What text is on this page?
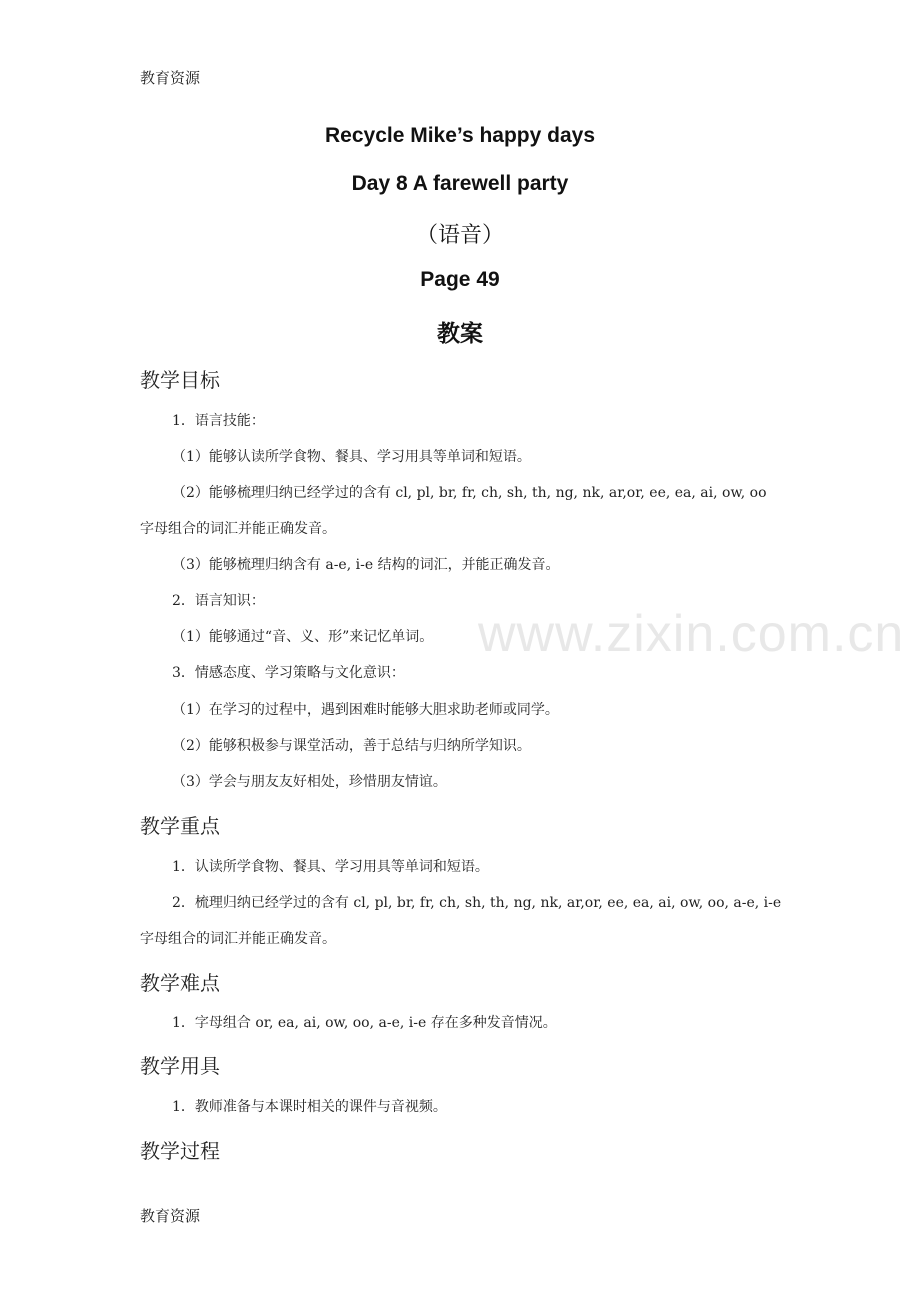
教育资源
Recycle Mike’s happy days
Day 8 A farewell party
（语音）
Page 49
教案
www.zixin.com.cn
教学目标
1．语言技能：
（1）能够认读所学食物、餐具、学习用具等单词和短语。
（2）能够梳理归纳已经学过的含有 cl, pl, br, fr, ch, sh, th, ng, nk, ar,or, ee, ea, ai, ow, oo
字母组合的词汇并能正确发音。
（3）能够梳理归纳含有 a-e, i-e 结构的词汇，并能正确发音。
2．语言知识：
（1）能够通过“音、义、形”来记忆单词。
3．情感态度、学习策略与文化意识：
（1）在学习的过程中，遇到困难时能够大胆求助老师或同学。
（2）能够积极参与课堂活动，善于总结与归纳所学知识。
（3）学会与朋友友好相处，珍惜朋友情谊。
教学重点
1．认读所学食物、餐具、学习用具等单词和短语。
2．梳理归纳已经学过的含有 cl, pl, br, fr, ch, sh, th, ng, nk, ar,or, ee, ea, ai, ow, oo, a-e, i-e
字母组合的词汇并能正确发音。
教学难点
1．字母组合 or, ea, ai, ow, oo, a-e, i-e 存在多种发音情况。
教学用具
1．教师准备与本课时相关的课件与音视频。
教学过程
教育资源
